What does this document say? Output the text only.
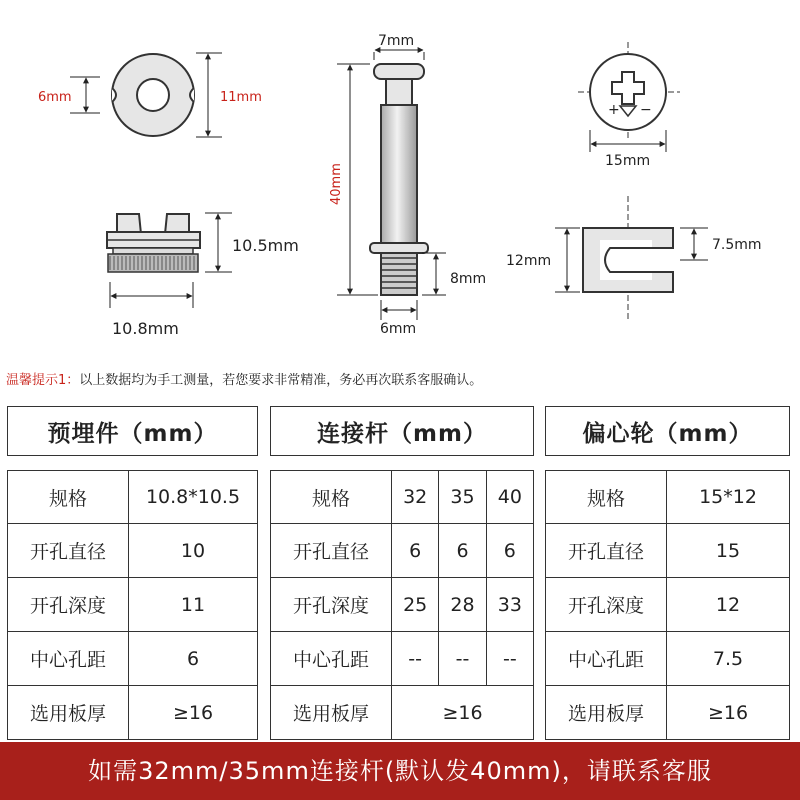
6mm	11mm
10.5mm
10.8mm
7mm
40mm
8mm
6mm
+ −
15mm
12mm
7.5mm
温馨提示1：以上数据均为手工测量，若您要求非常精准，务必再次联系客服确认。
预埋件（mm）	

规格	10.8*10.5
开孔直径	10
开孔深度	11
中心孔距	6
选用板厚	≥16
连接杆（mm）			

规格	32	35	40
开孔直径	6	6	6
开孔深度	25	28	33
中心孔距	--	--	--
选用板厚	≥16		
偏心轮（mm）	

规格	15*12
开孔直径	15
开孔深度	12
中心孔距	7.5
选用板厚	≥16
如需32mm/35mm连接杆(默认发40mm)，请联系客服
